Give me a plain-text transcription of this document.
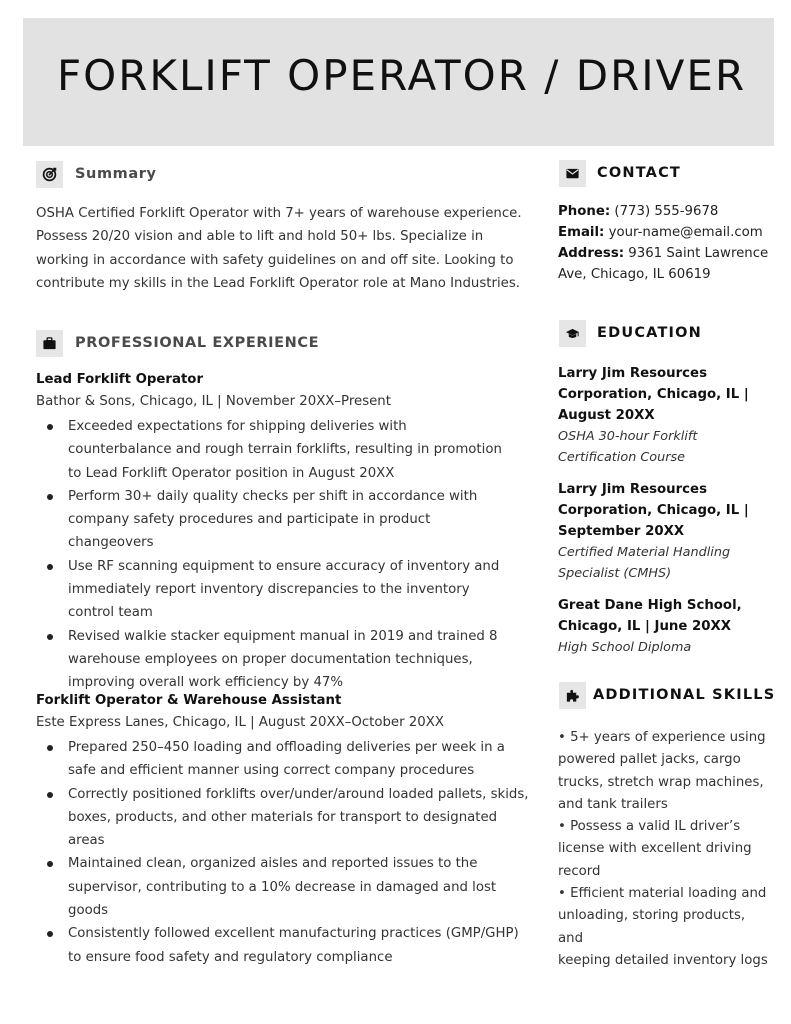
FORKLIFT OPERATOR / DRIVER
Summary

OSHA Certified Forklift Operator with 7+ years of warehouse experience. Possess 20/20 vision and able to lift and hold 50+ lbs. Specialize in working in accordance with safety guidelines on and off site. Looking to contribute my skills in the Lead Forklift Operator role at Mano Industries.

PROFESSIONAL EXPERIENCE

Lead Forklift Operator

Bathor & Sons, Chicago, IL | November 20XX–Present

Exceeded expectations for shipping deliveries with counterbalance and rough terrain forklifts, resulting in promotion to Lead Forklift Operator position in August 20XX
Perform 30+ daily quality checks per shift in accordance with company safety procedures and participate in product changeovers
Use RF scanning equipment to ensure accuracy of inventory and immediately report inventory discrepancies to the inventory control team
Revised walkie stacker equipment manual in 2019 and trained 8 warehouse employees on proper documentation techniques, improving overall work efficiency by 47%

Forklift Operator & Warehouse Assistant

Este Express Lanes, Chicago, IL | August 20XX–October 20XX

Prepared 250–450 loading and offloading deliveries per week in a safe and efficient manner using correct company procedures
Correctly positioned forklifts over/under/around loaded pallets, skids, boxes, products, and other materials for transport to designated areas
Maintained clean, organized aisles and reported issues to the supervisor, contributing to a 10% decrease in damaged and lost goods
Consistently followed excellent manufacturing practices (GMP/GHP) to ensure food safety and regulatory compliance
CONTACT
Phone: (773) 555-9678
Email: your-name@email.com
Address: 9361 Saint Lawrence
Ave, Chicago, IL 60619
EDUCATION
Larry Jim Resources
Corporation, Chicago, IL |
August 20XX
OSHA 30-hour Forklift
Certification Course
Larry Jim Resources
Corporation, Chicago, IL |
September 20XX
Certified Material Handling
Specialist (CMHS)
Great Dane High School,
Chicago, IL | June 20XX
High School Diploma
ADDITIONAL SKILLS
• 5+ years of experience using
powered pallet jacks, cargo
trucks, stretch wrap machines,
and tank trailers
• Possess a valid IL driver’s
license with excellent driving
record
• Efficient material loading and
unloading, storing products, and
keeping detailed inventory logs
